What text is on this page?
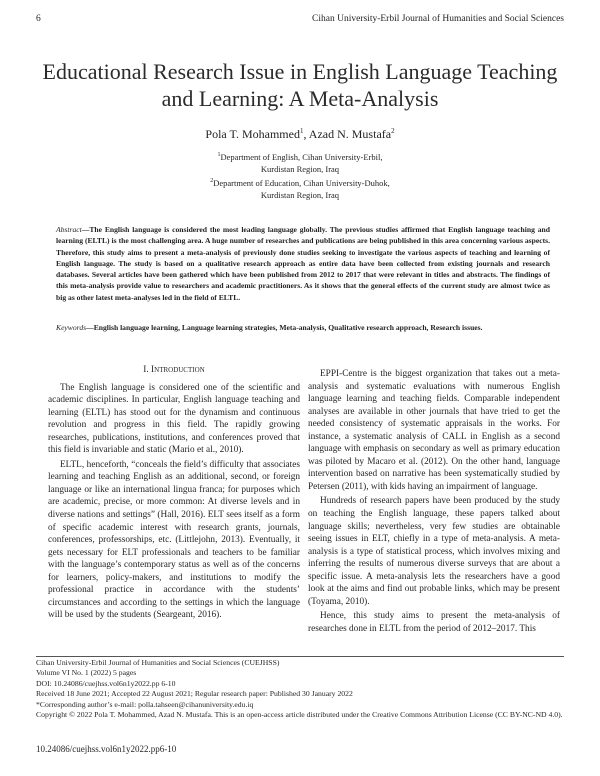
6	Cihan University-Erbil Journal of Humanities and Social Sciences
Educational Research Issue in English Language Teaching and Learning: A Meta-Analysis
Pola T. Mohammed$^1$, Azad N. Mustafa$^2$
$^1$Department of English, Cihan University-Erbil,
Kurdistan Region, Iraq
$^2$Department of Education, Cihan University-Duhok,
Kurdistan Region, Iraq
Abstract—The English language is considered the most leading language globally. The previous studies affirmed that English language teaching and learning (ELTL) is the most challenging area. A huge number of researches and publications are being published in this area concerning various aspects. Therefore, this study aims to present a meta-analysis of previously done studies seeking to investigate the various aspects of teaching and learning of English language. The study is based on a qualitative research approach as entire data have been collected from existing journals and research databases. Several articles have been gathered which have been published from 2012 to 2017 that were relevant in titles and abstracts. The findings of this meta-analysis provide value to researchers and academic practitioners. As it shows that the general effects of the current study are almost twice as big as other latest meta-analyses led in the field of ELTL.
Keywords—English language learning, Language learning strategies, Meta-analysis, Qualitative research approach, Research issues.
I. Introduction

The English language is considered one of the scientific and academic disciplines. In particular, English language teaching and learning (ELTL) has stood out for the dynamism and continuous revolution and progress in this field. The rapidly growing researches, publications, institutions, and conferences proved that this field is invariable and static (Mario et al., 2010).

ELTL, henceforth, “conceals the field’s difficulty that associates learning and teaching English as an additional, second, or foreign language or like an international lingua franca; for purposes which are academic, precise, or more common: At diverse levels and in diverse nations and settings” (Hall, 2016). ELT sees itself as a form of specific academic interest with research grants, journals, conferences, professorships, etc. (Littlejohn, 2013). Eventually, it gets necessary for ELT professionals and teachers to be familiar with the language’s contemporary status as well as of the concerns for learners, policy-makers, and institutions to modify the professional practice in accordance with the students’ circumstances and according to the settings in which the language will be used by the students (Seargeant, 2016).

EPPI-Centre is the biggest organization that takes out a meta-analysis and systematic evaluations with numerous English language learning and teaching fields. Comparable independent analyses are available in other journals that have tried to get the needed consistency of systematic appraisals in the works. For instance, a systematic analysis of CALL in English as a second language with emphasis on secondary as well as primary education was piloted by Macaro et al. (2012). On the other hand, language intervention based on narrative has been systematically studied by Petersen (2011), with kids having an impairment of language.

Hundreds of research papers have been produced by the study on teaching the English language, these papers talked about language skills; nevertheless, very few studies are obtainable seeing issues in ELT, chiefly in a type of meta-analysis. A meta-analysis is a type of statistical process, which involves mixing and inferring the results of numerous diverse surveys that are about a specific issue. A meta-analysis lets the researchers have a good look at the aims and find out probable links, which may be present (Toyama, 2010).

Hence, this study aims to present the meta-analysis of researches done in ELTL from the period of 2012–2017. This

Cihan University-Erbil Journal of Humanities and Social Sciences (CUEJHSS)
Volume VI No. 1 (2022) 5 pages
DOI: 10.24086/cuejhss.vol6n1y2022.pp 6-10
Received 18 June 2021; Accepted 22 August 2021; Regular research paper: Published 30 January 2022
*Corresponding author’s e-mail: polla.tahseen@cihanuniversity.edu.iq
Copyright © 2022 Pola T. Mohammed, Azad N. Mustafa. This is an open-access article distributed under the Creative Commons Attribution License (CC BY-NC-ND 4.0).
10.24086/cuejhss.vol6n1y2022.pp6-10
